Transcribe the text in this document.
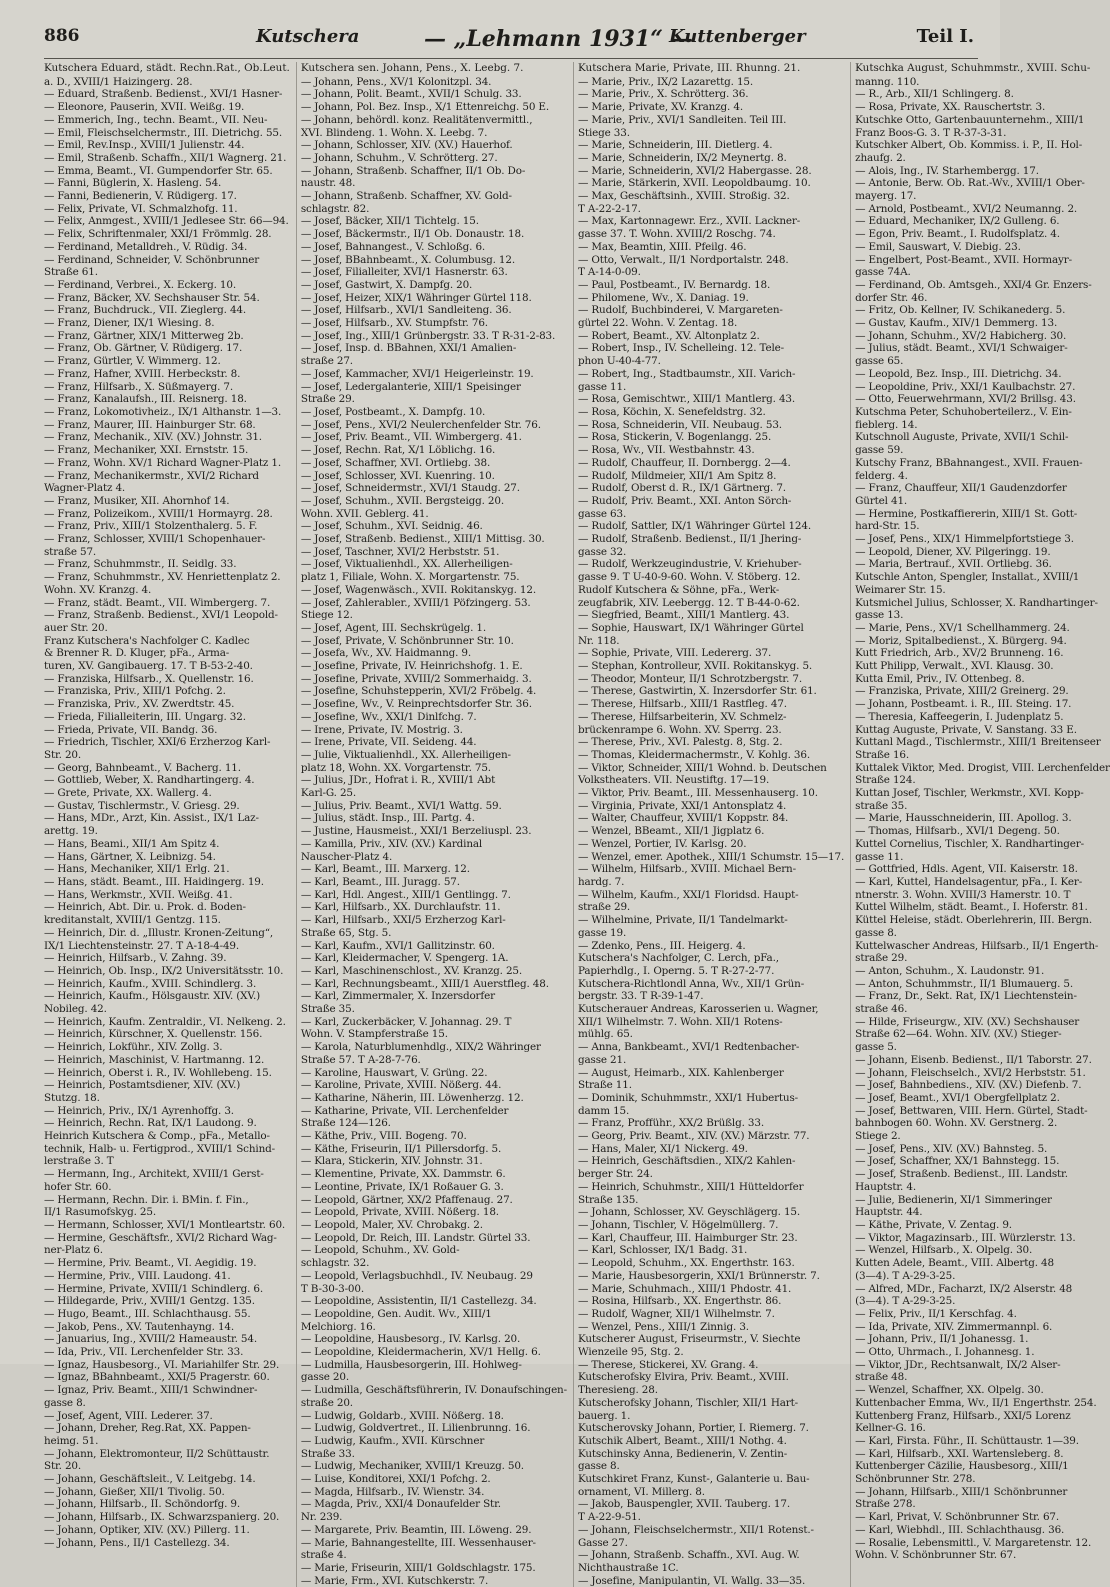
886	Kutschera	— „Lehmann 1931“ —
Kuttenberger	Teil I.

Kutschera Eduard, städt. Rechn.Rat., Ob.Leut.

a. D., XVIII/1 Haizingerg. 28.

— Eduard, Straßenb. Bedienst., XVI/1 Hasner-

— Eleonore, Pauserin, XVII. Weißg. 19.

— Emmerich, Ing., techn. Beamt., VII. Neu-

— Emil, Fleischselchermstr., III. Dietrichg. 55.

— Emil, Rev.Insp., XVIII/1 Julienstr. 44.

— Emil, Straßenb. Schaffn., XII/1 Wagnerg. 21.

— Emma, Beamt., VI. Gumpendorfer Str. 65.

— Fanni, Büglerin, X. Hasleng. 54.

— Fanni, Bedienerin, V. Rüdigerg. 17.

— Felix, Private, VI. Schmalzhofg. 11.

— Felix, Anmgest., XVIII/1 Jedlesee Str. 66—94.

— Felix, Schriftenmaler, XXI/1 Frömmlg. 28.

— Ferdinand, Metalldreh., V. Rüdig. 34.

— Ferdinand, Schneider, V. Schönbrunner

Straße 61.

— Ferdinand, Verbrei., X. Eckerg. 10.

— Franz, Bäcker, XV. Sechshauser Str. 54.

— Franz, Buchdruck., VII. Zieglerg. 44.

— Franz, Diener, IX/1 Wiesing. 8.

— Franz, Gärtner, XIX/1 Mitterweg 2b.

— Franz, Ob. Gärtner, V. Rüdigerg. 17.

— Franz, Gürtler, V. Wimmerg. 12.

— Franz, Hafner, XVIII. Herbeckstr. 8.

— Franz, Hilfsarb., X. Süßmayerg. 7.

— Franz, Kanalaufsh., III. Reisnerg. 18.

— Franz, Lokomotivheiz., IX/1 Althanstr. 1—3.

— Franz, Maurer, III. Hainburger Str. 68.

— Franz, Mechanik., XIV. (XV.) Johnstr. 31.

— Franz, Mechaniker, XXI. Ernststr. 15.

— Franz, Wohn. XV/1 Richard Wagner-Platz 1.

— Franz, Mechanikermstr., XVI/2 Richard

Wagner-Platz 4.

— Franz, Musiker, XII. Ahornhof 14.

— Franz, Polizeikom., XVIII/1 Hormayrg. 28.

— Franz, Priv., XIII/1 Stolzenthalerg. 5. F.

— Franz, Schlosser, XVIII/1 Schopenhauer-

straße 57.

— Franz, Schuhmmstr., II. Seidlg. 33.

— Franz, Schuhmmstr., XV. Henriettenplatz 2.

Wohn. XV. Kranzg. 4.

— Franz, städt. Beamt., VII. Wimbergerg. 7.

— Franz, Straßenb. Bedienst., XVI/1 Leopold-

auer Str. 20.

Franz Kutschera's Nachfolger C. Kadlec

& Brenner R. D. Kluger, pFa., Arma-

turen, XV. Gangibauerg. 17. T B-53-2-40.

— Franziska, Hilfsarb., X. Quellenstr. 16.

— Franziska, Priv., XIII/1 Pofchg. 2.

— Franziska, Priv., XV. Zwerdtstr. 45.

— Frieda, Filialleiterin, III. Ungarg. 32.

— Frieda, Private, VII. Bandg. 36.

— Friedrich, Tischler, XXI/6 Erzherzog Karl-

Str. 20.

— Georg, Bahnbeamt., V. Bacherg. 11.

— Gottlieb, Weber, X. Randhartingerg. 4.

— Grete, Private, XX. Wallerg. 4.

— Gustav, Tischlermstr., V. Griesg. 29.

— Hans, MDr., Arzt, Kin. Assist., IX/1 Laz-

arettg. 19.

— Hans, Beami., XII/1 Am Spitz 4.

— Hans, Gärtner, X. Leibnizg. 54.

— Hans, Mechaniker, XII/1 Erlg. 21.

— Hans, städt. Beamt., III. Haidingerg. 19.

— Hans, Werkmstr., XVII. Weißg. 41.

— Heinrich, Abt. Dir. u. Prok. d. Boden-

kreditanstalt, XVIII/1 Gentzg. 115.

— Heinrich, Dir. d. „Illustr. Kronen-Zeitung“,

IX/1 Liechtensteinstr. 27. T A-18-4-49.

— Heinrich, Hilfsarb., V. Zahng. 39.

— Heinrich, Ob. Insp., IX/2 Universitätsstr. 10.

— Heinrich, Kaufm., XVIII. Schindlerg. 3.

— Heinrich, Kaufm., Hölsgaustr. XIV. (XV.)

Nobileg. 42.

— Heinrich, Kaufm. Zentraldir., VI. Nelkeng. 2.

— Heinrich, Kürschner, X. Quellenstr. 156.

— Heinrich, Lokführ., XIV. Zollg. 3.

— Heinrich, Maschinist, V. Hartmanng. 12.

— Heinrich, Oberst i. R., IV. Wohllebeng. 15.

— Heinrich, Postamtsdiener, XIV. (XV.)

Stutzg. 18.

— Heinrich, Priv., IX/1 Ayrenhoffg. 3.

— Heinrich, Rechn. Rat, IX/1 Laudong. 9.

Heinrich Kutschera & Comp., pFa., Metallo-

technik, Halb- u. Fertigprod., XVIII/1 Schind-

lerstraße 3. T

— Hermann, Ing., Architekt, XVIII/1 Gerst-

hofer Str. 60.

— Hermann, Rechn. Dir. i. BMin. f. Fin.,

II/1 Rasumofskyg. 25.

— Hermann, Schlosser, XVI/1 Montleartstr. 60.

— Hermine, Geschäftsfr., XVI/2 Richard Wag-

ner-Platz 6.

— Hermine, Priv. Beamt., VI. Aegidig. 19.

— Hermine, Priv., VIII. Laudong. 41.

— Hermine, Private, XVIII/1 Schindlerg. 6.

— Hildegarde, Priv., XVIII/1 Gentzg. 135.

— Hugo, Beamt., III. Schlachthausg. 55.

— Jakob, Pens., XV. Tautenhayng. 14.

— Januarius, Ing., XVIII/2 Hameaustr. 54.

— Ida, Priv., VII. Lerchenfelder Str. 33.

— Ignaz, Hausbesorg., VI. Mariahilfer Str. 29.

— Ignaz, BBahnbeamt., XXI/5 Pragerstr. 60.

— Ignaz, Priv. Beamt., XIII/1 Schwindner-

gasse 8.

— Josef, Agent, VIII. Lederer. 37.

— Johann, Dreher, Reg.Rat, XX. Pappen-

heimg. 51.

— Johann, Elektromonteur, II/2 Schüttaustr.

Str. 20.

— Johann, Geschäftsleit., V. Leitgebg. 14.

— Johann, Gießer, XII/1 Tivolig. 50.

— Johann, Hilfsarb., II. Schöndorfg. 9.

— Johann, Hilfsarb., IX. Schwarzspanierg. 20.

— Johann, Optiker, XIV. (XV.) Pillerg. 11.

— Johann, Pens., II/1 Castellezg. 34.

Kutschera sen. Johann, Pens., X. Leebg. 7.

— Johann, Pens., XV/1 Kolonitzpl. 34.

— Johann, Polit. Beamt., XVII/1 Schulg. 33.

— Johann, Pol. Bez. Insp., X/1 Ettenreichg. 50 E.

— Johann, behördl. konz. Realitätenvermittl.,

XVI. Blindeng. 1. Wohn. X. Leebg. 7.

— Johann, Schlosser, XIV. (XV.) Hauerhof.

— Johann, Schuhm., V. Schrötterg. 27.

— Johann, Straßenb. Schaffner, II/1 Ob. Do-

naustr. 48.

— Johann, Straßenb. Schaffner, XV. Gold-

schlagstr. 82.

— Josef, Bäcker, XII/1 Tichtelg. 15.

— Josef, Bäckermstr., II/1 Ob. Donaustr. 18.

— Josef, Bahnangest., V. Schloßg. 6.

— Josef, BBahnbeamt., X. Columbusg. 12.

— Josef, Filialleiter, XVI/1 Hasnerstr. 63.

— Josef, Gastwirt, X. Dampfg. 20.

— Josef, Heizer, XIX/1 Währinger Gürtel 118.

— Josef, Hilfsarb., XVI/1 Sandleiteng. 36.

— Josef, Hilfsarb., XV. Stumpfstr. 76.

— Josef, Ing., XIII/1 Grünbergstr. 33. T R-31-2-83.

— Josef, Insp. d. BBahnen, XXI/1 Amalien-

straße 27.

— Josef, Kammacher, XVI/1 Heigerleinstr. 19.

— Josef, Ledergalanterie, XIII/1 Speisinger

Straße 29.

— Josef, Postbeamt., X. Dampfg. 10.

— Josef, Pens., XVI/2 Neulerchenfelder Str. 76.

— Josef, Priv. Beamt., VII. Wimbergerg. 41.

— Josef, Rechn. Rat, X/1 Löblichg. 16.

— Josef, Schaffner, XVI. Ortliebg. 38.

— Josef, Schlosser, XVI. Kuenring. 10.

— Josef, Schneidermstr., XVI/1 Staudg. 27.

— Josef, Schuhm., XVII. Bergsteigg. 20.

Wohn. XVII. Geblerg. 41.

— Josef, Schuhm., XVI. Seidnig. 46.

— Josef, Straßenb. Bedienst., XIII/1 Mittisg. 30.

— Josef, Taschner, XVI/2 Herbststr. 51.

— Josef, Viktualienhdl., XX. Allerheiligen-

platz 1, Filiale, Wohn. X. Morgartenstr. 75.

— Josef, Wagenwäsch., XVII. Rokitanskyg. 12.

— Josef, Zahlerabler., XVIII/1 Pöfzingerg. 53.

Stiege 12.

— Josef, Agent, III. Sechskrügelg. 1.

— Josef, Private, V. Schönbrunner Str. 10.

— Josefa, Wv., XV. Haidmanng. 9.

— Josefine, Private, IV. Heinrichshofg. 1. E.

— Josefine, Private, XVIII/2 Sommerhaidg. 3.

— Josefine, Schuhstepperin, XVI/2 Fröbelg. 4.

— Josefine, Wv., V. Reinprechtsdorfer Str. 36.

— Josefine, Wv., XXI/1 Dinlfchg. 7.

— Irene, Private, IV. Mostrig. 3.

— Irene, Private, VII. Seideng. 44.

— Julie, Viktualienhdl., XX. Allerheiligen-

platz 18, Wohn. XX. Vorgartenstr. 75.

— Julius, JDr., Hofrat i. R., XVIII/1 Abt

Karl-G. 25.

— Julius, Priv. Beamt., XVI/1 Wattg. 59.

— Julius, städt. Insp., III. Partg. 4.

— Justine, Hausmeist., XXI/1 Berzeliuspl. 23.

— Kamilla, Priv., XIV. (XV.) Kardinal

Nauscher-Platz 4.

— Karl, Beamt., III. Marxerg. 12.

— Karl, Beamt., III. Juragg. 57.

— Karl, Hdl. Angest., XIII/1 Gentlingg. 7.

— Karl, Hilfsarb., XX. Durchlaufstr. 11.

— Karl, Hilfsarb., XXI/5 Erzherzog Karl-

Straße 65, Stg. 5.

— Karl, Kaufm., XVI/1 Gallitzinstr. 60.

— Karl, Kleidermacher, V. Spengerg. 1A.

— Karl, Maschinenschlost., XV. Kranzg. 25.

— Karl, Rechnungsbeamt., XIII/1 Auerstfleg. 48.

— Karl, Zimmermaler, X. Inzersdorfer

Straße 35.

— Karl, Zuckerbäcker, V. Johannag. 29. T

Wohn. V. Stampferstraße 15.

— Karola, Naturblumenhdlg., XIX/2 Währinger

Straße 57. T A-28-7-76.

— Karoline, Hauswart, V. Grüng. 22.

— Karoline, Private, XVIII. Nößerg. 44.

— Katharine, Näherin, III. Löwenherzg. 12.

— Katharine, Private, VII. Lerchenfelder

Straße 124—126.

— Käthe, Priv., VIII. Bogeng. 70.

— Käthe, Friseurin, II/1 Pillersdorfg. 5.

— Klara, Stickerin, XIV. Johnstr. 31.

— Klementine, Private, XX. Dammstr. 6.

— Leontine, Private, IX/1 Roßauer G. 3.

— Leopold, Gärtner, XX/2 Pfaffenaug. 27.

— Leopold, Private, XVIII. Nößerg. 18.

— Leopold, Maler, XV. Chrobakg. 2.

— Leopold, Dr. Reich, III. Landstr. Gürtel 33.

— Leopold, Schuhm., XV. Gold-

schlagstr. 32.

— Leopold, Verlagsbuchhdl., IV. Neubaug. 29

T B-30-3-00.

— Leopoldine, Assistentin, II/1 Castellezg. 34.

— Leopoldine, Gen. Audit. Wv., XIII/1

Melchiorg. 16.

— Leopoldine, Hausbesorg., IV. Karlsg. 20.

— Leopoldine, Kleidermacherin, XV/1 Hellg. 6.

— Ludmilla, Hausbesorgerin, III. Hohlweg-

gasse 20.

— Ludmilla, Geschäftsführerin, IV. Donaufschingen-

straße 20.

— Ludwig, Goldarb., XVIII. Nößerg. 18.

— Ludwig, Goldvertret., II. Lilienbrunng. 16.

— Ludwig, Kaufm., XVII. Kürschner

Straße 33.

— Ludwig, Mechaniker, XVIII/1 Kreuzg. 50.

— Luise, Konditorei, XXI/1 Pofchg. 2.

— Magda, Hilfsarb., IV. Wienstr. 34.

— Magda, Priv., XXI/4 Donaufelder Str.

Nr. 239.

— Margarete, Priv. Beamtin, III. Löweng. 29.

— Marie, Bahnangestellte, III. Wessenhauser-

straße 4.

— Marie, Friseurin, XIII/1 Goldschlagstr. 175.

— Marie, Frm., XVI. Kutschkerstr. 7.

Kutschera Marie, Private, III. Rhunng. 21.

— Marie, Priv., IX/2 Lazarettg. 15.

— Marie, Priv., X. Schrötterg. 36.

— Marie, Private, XV. Kranzg. 4.

— Marie, Priv., XVI/1 Sandleiten. Teil III.

Stiege 33.

— Marie, Schneiderin, III. Dietlerg. 4.

— Marie, Schneiderin, IX/2 Meynertg. 8.

— Marie, Schneiderin, XVI/2 Habergasse. 28.

— Marie, Stärkerin, XVII. Leopoldbaumg. 10.

— Max, Geschäftsinh., XVIII. Stroßig. 32.

T A-22-2-17.

— Max, Kartonnagewr. Erz., XVII. Lackner-

gasse 37. T. Wohn. XVIII/2 Roschg. 74.

— Max, Beamtin, XIII. Pfeilg. 46.

— Otto, Verwalt., II/1 Nordportalstr. 248.

T A-14-0-09.

— Paul, Postbeamt., IV. Bernardg. 18.

— Philomene, Wv., X. Daniag. 19.

— Rudolf, Buchbinderei, V. Margareten-

gürtel 22. Wohn. V. Zentag. 18.

— Robert, Beamt., XV. Altonplatz 2.

— Robert, Insp., IV. Schelleing. 12. Tele-

phon U-40-4-77.

— Robert, Ing., Stadtbaumstr., XII. Varich-

gasse 11.

— Rosa, Gemischtwr., XIII/1 Mantlerg. 43.

— Rosa, Köchin, X. Senefeldstrg. 32.

— Rosa, Schneiderin, VII. Neubaug. 53.

— Rosa, Stickerin, V. Bogenlangg. 25.

— Rosa, Wv., VII. Westbahnstr. 43.

— Rudolf, Chauffeur, II. Dornbergg. 2—4.

— Rudolf, Mildmeier, XII/1 Am Spitz 8.

— Rudolf, Oberst d. R., IX/1 Gärtnerg. 7.

— Rudolf, Priv. Beamt., XXI. Anton Sörch-

gasse 63.

— Rudolf, Sattler, IX/1 Währinger Gürtel 124.

— Rudolf, Straßenb. Bedienst., II/1 Jhering-

gasse 32.

— Rudolf, Werkzeugindustrie, V. Kriehuber-

gasse 9. T U-40-9-60. Wohn. V. Stöberg. 12.

Rudolf Kutschera & Söhne, pFa., Werk-

zeugfabrik, XIV. Leebergg. 12. T B-44-0-62.

— Siegfried, Beamt., XIII/1 Mantlerg. 43.

— Sophie, Hauswart, IX/1 Währinger Gürtel

Nr. 118.

— Sophie, Private, VIII. Ledererg. 37.

— Stephan, Kontrolleur, XVII. Rokitanskyg. 5.

— Theodor, Monteur, II/1 Schrotzbergstr. 7.

— Therese, Gastwirtin, X. Inzersdorfer Str. 61.

— Therese, Hilfsarb., XIII/1 Rastfleg. 47.

— Therese, Hilfsarbeiterin, XV. Schmelz-

brückenrampe 6. Wohn. XV. Sperrg. 23.

— Therese, Priv., XVI. Palestg. 8, Stg. 2.

— Thomas, Kleidermachermstr., V. Kohlg. 36.

— Viktor, Schneider, XIII/1 Wohnd. b. Deutschen

Volkstheaters. VII. Neustiftg. 17—19.

— Viktor, Priv. Beamt., III. Messenhauserg. 10.

— Virginia, Private, XXI/1 Antonsplatz 4.

— Walter, Chauffeur, XVIII/1 Koppstr. 84.

— Wenzel, BBeamt., XII/1 Jigplatz 6.

— Wenzel, Portier, IV. Karlsg. 20.

— Wenzel, emer. Apothek., XIII/1 Schumstr. 15—17.

— Wilhelm, Hilfsarb., XVIII. Michael Bern-

hardg. 7.

— Wilhelm, Kaufm., XXI/1 Floridsd. Haupt-

straße 29.

— Wilhelmine, Private, II/1 Tandelmarkt-

gasse 19.

— Zdenko, Pens., III. Heigerg. 4.

Kutschera's Nachfolger, C. Lerch, pFa.,

Papierhdlg., I. Operng. 5. T R-27-2-77.

Kutschera-Richtlondl Anna, Wv., XII/1 Grün-

bergstr. 33. T R-39-1-47.

Kutscherauer Andreas, Karosserien u. Wagner,

XII/1 Wilhelmstr. 7. Wohn. XII/1 Rotens-

mühlg. 65.

— Anna, Bankbeamt., XVI/1 Redtenbacher-

gasse 21.

— August, Heimarb., XIX. Kahlenberger

Straße 11.

— Dominik, Schuhmmstr., XXI/1 Hubertus-

damm 15.

— Franz, Profführ., XX/2 Brüßlg. 33.

— Georg, Priv. Beamt., XIV. (XV.) Märzstr. 77.

— Hans, Maler, XI/1 Nickerg. 49.

— Heinrich, Geschäftsdien., XIX/2 Kahlen-

berger Str. 24.

— Heinrich, Schuhmstr., XIII/1 Hütteldorfer

Straße 135.

— Johann, Schlosser, XV. Geyschlägerg. 15.

— Johann, Tischler, V. Högelmüllerg. 7.

— Karl, Chauffeur, III. Haimburger Str. 23.

— Karl, Schlosser, IX/1 Badg. 31.

— Leopold, Schuhm., XX. Engerthstr. 163.

— Marie, Hausbesorgerin, XXI/1 Brünnerstr. 7.

— Marie, Schuhmach., XIII/1 Phdostr. 41.

— Rosina, Hilfsarb., XX. Engerthstr. 86.

— Rudolf, Wagner, XII/1 Wilhelmstr. 7.

— Wenzel, Pens., XIII/1 Zinnig. 3.

Kutscherer August, Friseurmstr., V. Siechte

Wienzeile 95, Stg. 2.

— Therese, Stickerei, XV. Grang. 4.

Kutscherofsky Elvira, Priv. Beamt., XVIII.

Theresieng. 28.

Kutscherofsky Johann, Tischler, XII/1 Hart-

bauerg. 1.

Kutscherovsky Johann, Portier, I. Riemerg. 7.

Kutschik Albert, Beamt., XIII/1 Nothg. 4.

Kutschinsky Anna, Bedienerin, V. Zentin-

gasse 8.

Kutschkiret Franz, Kunst-, Galanterie u. Bau-

ornament, VI. Millerg. 8.

— Jakob, Bauspengler, XVII. Tauberg. 17.

T A-22-9-51.

— Johann, Fleischselchermstr., XII/1 Rotenst.-

Gasse 27.

— Johann, Straßenb. Schaffn., XVI. Aug. W.

Nichthaustraße 1C.

— Josefine, Manipulantin, VI. Wallg. 33—35.

Kutschka August, Schuhmmstr., XVIII. Schu-

manng. 110.

— R., Arb., XII/1 Schlingerg. 8.

— Rosa, Private, XX. Rauschertstr. 3.

Kutschke Otto, Gartenbauunternehm., XIII/1

Franz Boos-G. 3. T R-37-3-31.

Kutschker Albert, Ob. Kommiss. i. P., II. Hol-

zhaufg. 2.

— Alois, Ing., IV. Starhembergg. 17.

— Antonie, Berw. Ob. Rat.-Wv., XVIII/1 Ober-

mayerg. 17.

— Arnold, Postbeamt., XVI/2 Neumanng. 2.

— Eduard, Mechaniker, IX/2 Gulleng. 6.

— Egon, Priv. Beamt., I. Rudolfsplatz. 4.

— Emil, Sauswart, V. Diebig. 23.

— Engelbert, Post-Beamt., XVII. Hormayr-

gasse 74A.

— Ferdinand, Ob. Amtsgeh., XXI/4 Gr. Enzers-

dorfer Str. 46.

— Fritz, Ob. Kellner, IV. Schikanederg. 5.

— Gustav, Kaufm., XIV/1 Demmerg. 13.

— Johann, Schuhm., XV/2 Habicherg. 30.

— Julius, städt. Beamt., XVI/1 Schwaiger-

gasse 65.

— Leopold, Bez. Insp., III. Dietrichg. 34.

— Leopoldine, Priv., XXI/1 Kaulbachstr. 27.

— Otto, Feuerwehrmann, XVI/2 Brillsg. 43.

Kutschma Peter, Schuhoberteilerz., V. Ein-

fieblerg. 14.

Kutschnoll Auguste, Private, XVII/1 Schil-

gasse 59.

Kutschy Franz, BBahnangest., XVII. Frauen-

felderg. 4.

— Franz, Chauffeur, XII/1 Gaudenzdorfer

Gürtel 41.

— Hermine, Postkaffiererin, XIII/1 St. Gott-

hard-Str. 15.

— Josef, Pens., XIX/1 Himmelpfortstiege 3.

— Leopold, Diener, XV. Pilgeringg. 19.

— Maria, Bertrauf., XVII. Ortliebg. 36.

Kutschle Anton, Spengler, Installat., XVIII/1

Weimarer Str. 15.

Kutsmichel Julius, Schlosser, X. Randhartinger-

gasse 13.

— Marie, Pens., XV/1 Schellhammerg. 24.

— Moriz, Spitalbedienst., X. Bürgerg. 94.

Kutt Friedrich, Arb., XV/2 Brunneng. 16.

Kutt Philipp, Verwalt., XVI. Klausg. 30.

Kutta Emil, Priv., IV. Ottenbeg. 8.

— Franziska, Private, XIII/2 Greinerg. 29.

— Johann, Postbeamt. i. R., III. Steing. 17.

— Theresia, Kaffeegerin, I. Judenplatz 5.

Kuttag Auguste, Private, V. Sanstang. 33 E.

Kuttanl Magd., Tischlermstr., XIII/1 Breitenseer

Straße 16.

Kuttalek Viktor, Med. Drogist, VIII. Lerchenfelder

Straße 124.

Kuttan Josef, Tischler, Werkmstr., XVI. Kopp-

straße 35.

— Marie, Hausschneiderin, III. Apollog. 3.

— Thomas, Hilfsarb., XVI/1 Degeng. 50.

Kuttel Cornelius, Tischler, X. Randhartinger-

gasse 11.

— Gottfried, Hdls. Agent, VII. Kaiserstr. 18.

— Karl, Kuttel, Handelsagentur, pFa., I. Ker-

ntnerstr. 3. Wohn. XVIII/3 Hamerstr. 10. T

Kuttel Wilhelm, städt. Beamt., I. Hoferstr. 81.

Küttel Heleise, städt. Oberlehrerin, III. Bergn.

gasse 8.

Kuttelwascher Andreas, Hilfsarb., II/1 Engerth-

straße 29.

— Anton, Schuhm., X. Laudonstr. 91.

— Anton, Schuhmmstr., II/1 Blumauerg. 5.

— Franz, Dr., Sekt. Rat, IX/1 Liechtenstein-

straße 46.

— Hilde, Friseurgw., XIV. (XV.) Sechshauser

Straße 62—64. Wohn. XIV. (XV.) Stieger-

gasse 5.

— Johann, Eisenb. Bedienst., II/1 Taborstr. 27.

— Johann, Fleischselch., XVI/2 Herbststr. 51.

— Josef, Bahnbediens., XIV. (XV.) Diefenb. 7.

— Josef, Beamt., XVI/1 Obergfellplatz 2.

— Josef, Bettwaren, VIII. Hern. Gürtel, Stadt-

bahnbogen 60. Wohn. XV. Gerstnerg. 2.

Stiege 2.

— Josef, Pens., XIV. (XV.) Bahnsteg. 5.

— Josef, Schaffner, XX/1 Bahnstegg. 15.

— Josef, Straßenb. Bedienst., III. Landstr.

Hauptstr. 4.

— Julie, Bedienerin, XI/1 Simmeringer

Hauptstr. 44.

— Käthe, Private, V. Zentag. 9.

— Viktor, Magazinsarb., III. Würzlerstr. 13.

— Wenzel, Hilfsarb., X. Olpelg. 30.

Kutten Adele, Beamt., VIII. Albertg. 48

(3—4). T A-29-3-25.

— Alfred, MDr., Facharzt, IX/2 Alserstr. 48

(3—4). T A-29-3-25.

— Felix, Priv., II/1 Kerschfag. 4.

— Ida, Private, XIV. Zimmermannpl. 6.

— Johann, Priv., II/1 Johanessg. 1.

— Otto, Uhrmach., I. Johannesg. 1.

— Viktor, JDr., Rechtsanwalt, IX/2 Alser-

straße 48.

— Wenzel, Schaffner, XX. Olpelg. 30.

Kuttenbacher Emma, Wv., II/1 Engerthstr. 254.

Kuttenberg Franz, Hilfsarb., XXI/5 Lorenz

Kellner-G. 16.

— Karl, Firsta. Führ., II. Schüttaustr. 1—39.

— Karl, Hilfsarb., XXI. Wartensleberg. 8.

Kuttenberger Cäzilie, Hausbesorg., XIII/1

Schönbrunner Str. 278.

— Johann, Hilfsarb., XIII/1 Schönbrunner

Straße 278.

— Karl, Privat, V. Schönbrunner Str. 67.

— Karl, Wiebhdl., III. Schlachthausg. 36.

— Rosalie, Lebensmittl., V. Margaretenstr. 12.

Wohn. V. Schönbrunner Str. 67.
